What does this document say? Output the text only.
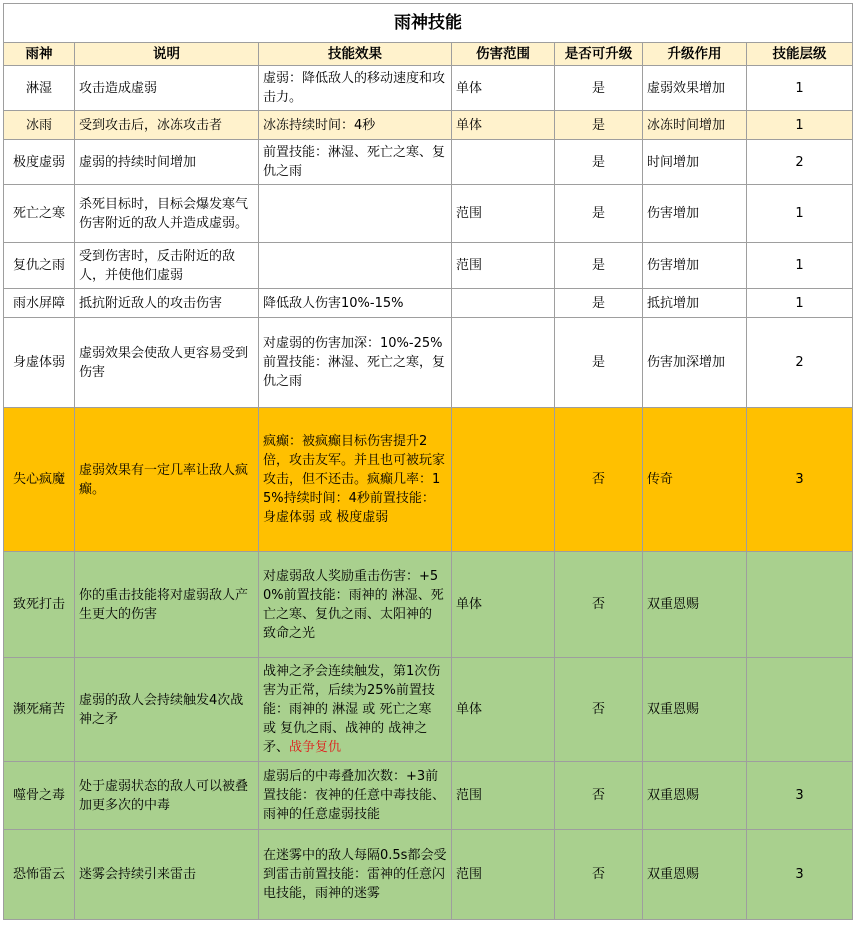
雨神技能						
雨神	说明	技能效果	伤害范围	是否可升级	升级作用	技能层级
淋湿	攻击造成虚弱	虚弱：降低敌人的移动速度和攻击力。	单体	是	虚弱效果增加	1
冰雨	受到攻击后，冰冻攻击者	冰冻持续时间：4秒	单体	是	冰冻时间增加	1
极度虚弱	虚弱的持续时间增加	前置技能：淋湿、死亡之寒、复仇之雨		是	时间增加	2
死亡之寒	杀死目标时，目标会爆发寒气伤害附近的敌人并造成虚弱。		范围	是	伤害增加	1
复仇之雨	受到伤害时，反击附近的敌人，并使他们虚弱		范围	是	伤害增加	1
雨水屏障	抵抗附近敌人的攻击伤害	降低敌人伤害10%-15%		是	抵抗增加	1
身虚体弱	虚弱效果会使敌人更容易受到伤害	对虚弱的伤害加深：10%-25%前置技能：淋湿、死亡之寒，复仇之雨		是	伤害加深增加	2
失心疯魔	虚弱效果有一定几率让敌人疯癫。	疯癫：被疯癫目标伤害提升2倍，攻击友军。并且也可被玩家攻击，但不还击。疯癫几率：15%持续时间：4秒前置技能：身虚体弱 或 极度虚弱		否	传奇	3
致死打击	你的重击技能将对虚弱敌人产生更大的伤害	对虚弱敌人奖励重击伤害：+50%前置技能：雨神的 淋湿、死亡之寒、复仇之雨、太阳神的 致命之光	单体	否	双重恩赐	
濒死痛苦	虚弱的敌人会持续触发4次战神之矛	战神之矛会连续触发，第1次伤害为正常，后续为25%前置技能：雨神的 淋湿 或 死亡之寒 或 复仇之雨、战神的 战神之矛、战争复仇	单体	否	双重恩赐	
噬骨之毒	处于虚弱状态的敌人可以被叠加更多次的中毒	虚弱后的中毒叠加次数：+3前置技能：夜神的任意中毒技能、雨神的任意虚弱技能	范围	否	双重恩赐	3
恐怖雷云	迷雾会持续引来雷击	在迷雾中的敌人每隔0.5s都会受到雷击前置技能：雷神的任意闪电技能，雨神的迷雾	范围	否	双重恩赐	3
